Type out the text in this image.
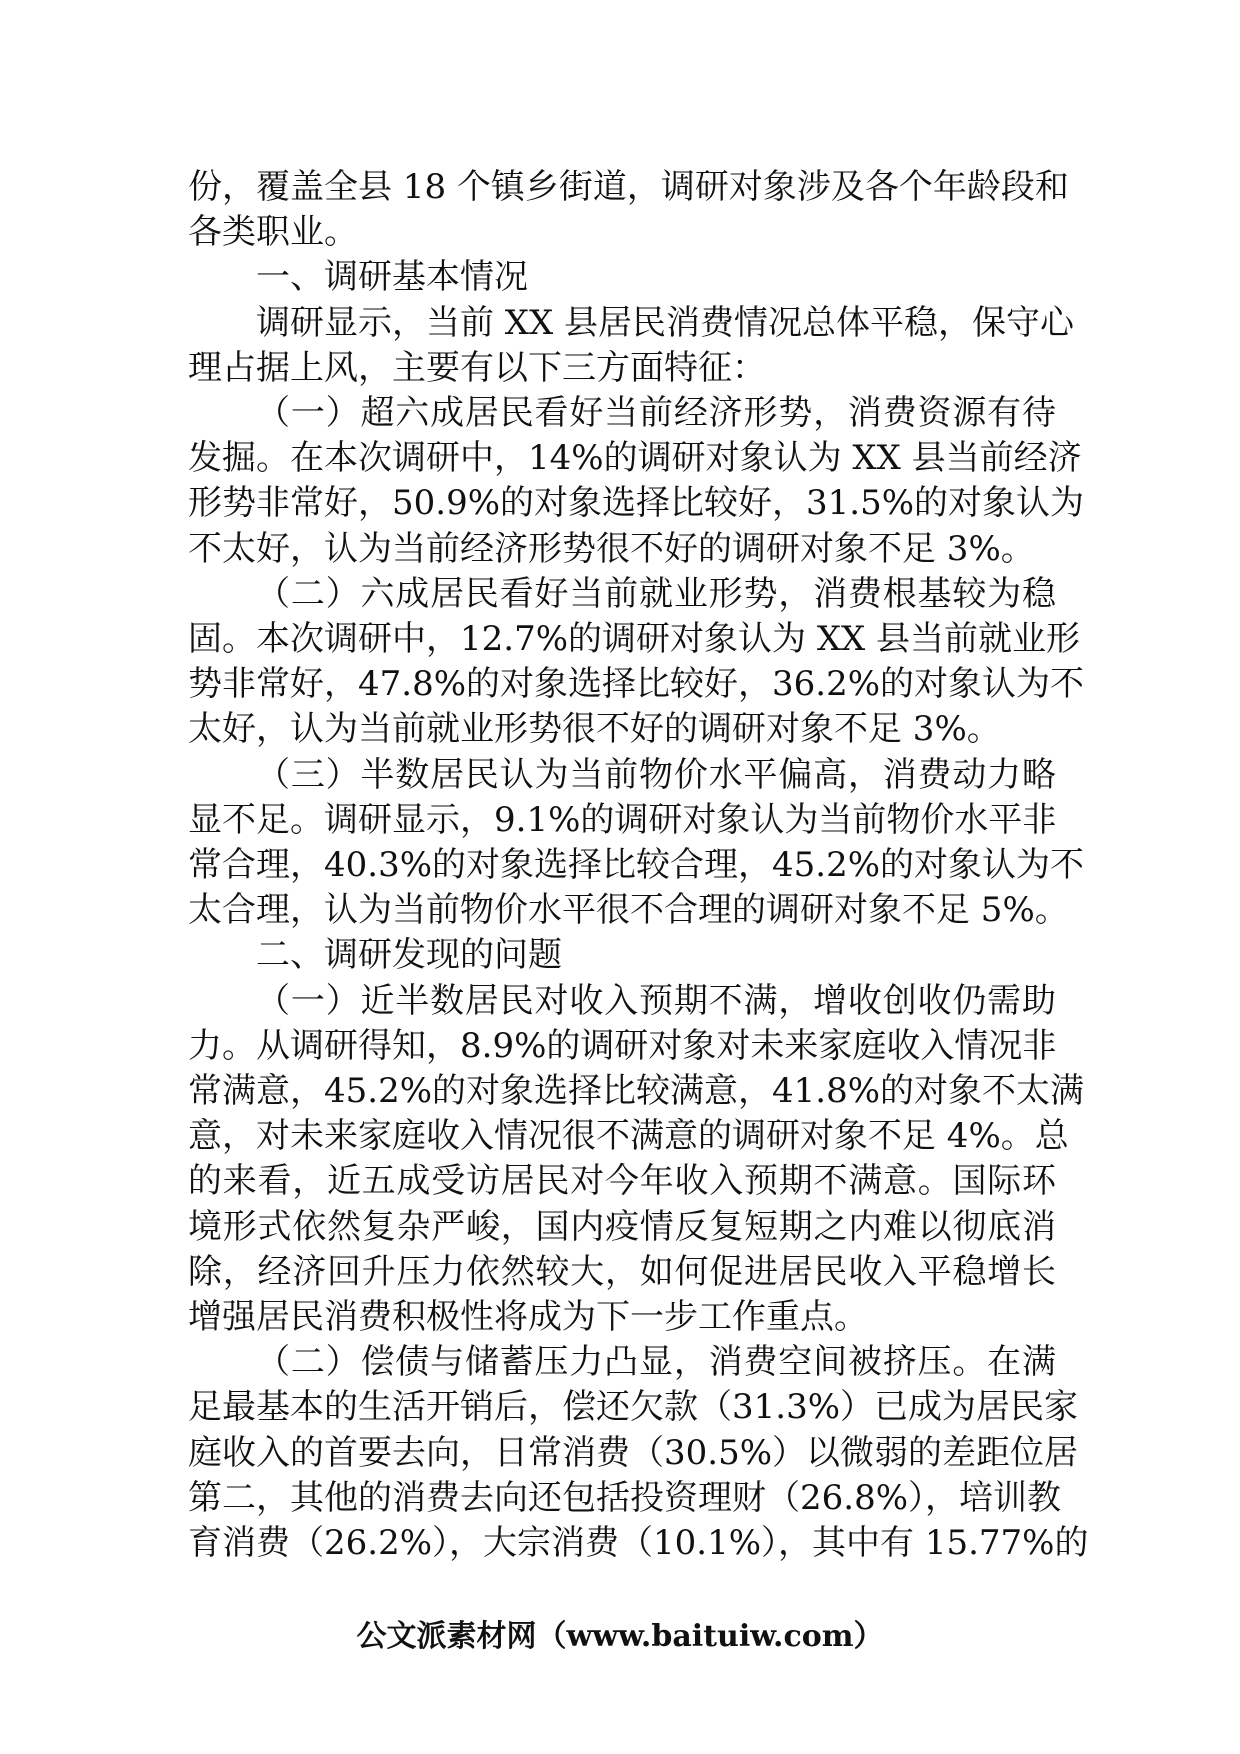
份，覆盖全县 18 个镇乡街道，调研对象涉及各个年龄段和

各类职业。

一、调研基本情况

调研显示，当前 XX 县居民消费情况总体平稳，保守心

理占据上风，主要有以下三方面特征：

（一）超六成居民看好当前经济形势，消费资源有待

发掘。在本次调研中，14%的调研对象认为 XX 县当前经济

形势非常好，50.9%的对象选择比较好，31.5%的对象认为

不太好，认为当前经济形势很不好的调研对象不足 3%。

（二）六成居民看好当前就业形势，消费根基较为稳

固。本次调研中，12.7%的调研对象认为 XX 县当前就业形

势非常好，47.8%的对象选择比较好，36.2%的对象认为不

太好，认为当前就业形势很不好的调研对象不足 3%。

（三）半数居民认为当前物价水平偏高，消费动力略

显不足。调研显示，9.1%的调研对象认为当前物价水平非

常合理，40.3%的对象选择比较合理，45.2%的对象认为不

太合理，认为当前物价水平很不合理的调研对象不足 5%。

二、调研发现的问题

（一）近半数居民对收入预期不满，增收创收仍需助

力。从调研得知，8.9%的调研对象对未来家庭收入情况非

常满意，45.2%的对象选择比较满意，41.8%的对象不太满

意，对未来家庭收入情况很不满意的调研对象不足 4%。总

的来看，近五成受访居民对今年收入预期不满意。国际环

境形式依然复杂严峻，国内疫情反复短期之内难以彻底消

除，经济回升压力依然较大，如何促进居民收入平稳增长

增强居民消费积极性将成为下一步工作重点。

（二）偿债与储蓄压力凸显，消费空间被挤压。在满

足最基本的生活开销后，偿还欠款（31.3%）已成为居民家

庭收入的首要去向，日常消费（30.5%）以微弱的差距位居

第二，其他的消费去向还包括投资理财（26.8%），培训教

育消费（26.2%），大宗消费（10.1%），其中有 15.77%的

公文派素材网（www.baituiw.com）
